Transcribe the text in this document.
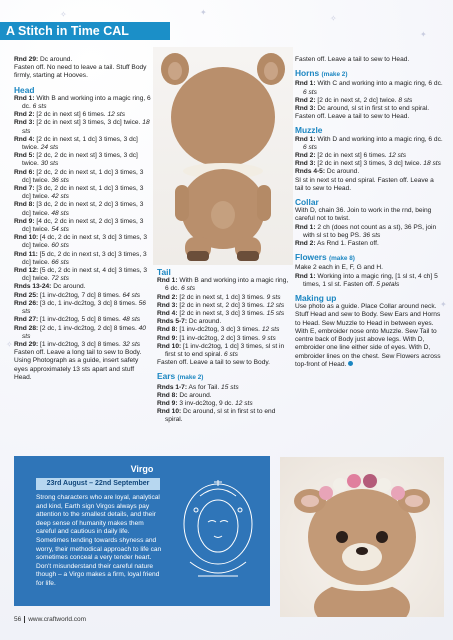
✦
✧
✦
✧
✦
✧
A Stitch in Time CAL

Rnd 29: Dc around.

Fasten off. No need to leave a tail. Stuff Body firmly, starting at Hooves.

Head

Rnd 1: With B and working into a magic ring, 6 dc. 6 sts

Rnd 2: [2 dc in next st] 6 times. 12 sts

Rnd 3: [2 dc in next st] 3 times, 3 dc] twice. 18 sts

Rnd 4: [2 dc in next st, 1 dc] 3 times, 3 dc] twice. 24 sts

Rnd 5: [2 dc, 2 dc in next st] 3 times, 3 dc] twice. 30 sts

Rnd 6: [2 dc, 2 dc in next st, 1 dc] 3 times, 3 dc] twice. 36 sts

Rnd 7: [3 dc, 2 dc in next st, 1 dc] 3 times, 3 dc] twice. 42 sts

Rnd 8: [3 dc, 2 dc in next st, 2 dc] 3 times, 3 dc] twice. 48 sts

Rnd 9: [4 dc, 2 dc in next st, 2 dc] 3 times, 3 dc] twice. 54 sts

Rnd 10: [4 dc, 2 dc in next st, 3 dc] 3 times, 3 dc] twice. 60 sts

Rnd 11: [5 dc, 2 dc in next st, 3 dc] 3 times, 3 dc] twice. 66 sts

Rnd 12: [5 dc, 2 dc in next st, 4 dc] 3 times, 3 dc] twice. 72 sts

Rnds 13-24: Dc around.

Rnd 25: [1 inv-dc2tog, 7 dc] 8 times. 64 sts

Rnd 26: [3 dc, 1 inv-dc2tog, 3 dc] 8 times. 56 sts

Rnd 27: [1 inv-dc2tog, 5 dc] 8 times. 48 sts

Rnd 28: [2 dc, 1 inv-dc2tog, 2 dc] 8 times. 40 sts

Rnd 29: [1 inv-dc2tog, 3 dc] 8 times. 32 sts

Fasten off. Leave a long tail to sew to Body. Using Photograph as a guide, insert safety eyes approximately 13 sts apart and stuff Head.

Tail

Rnd 1: With B and working into a magic ring, 6 dc. 6 sts

Rnd 2: [2 dc in next st, 1 dc] 3 times. 9 sts

Rnd 3: [2 dc in next st, 2 dc] 3 times. 12 sts

Rnd 4: [2 dc in next st, 3 dc] 3 times. 15 sts

Rnds 5-7: Dc around.

Rnd 8: [1 inv-dc2tog, 3 dc] 3 times. 12 sts

Rnd 9: [1 inv-dc2tog, 2 dc] 3 times. 9 sts

Rnd 10: [1 inv-dc2tog, 1 dc] 3 times, sl st in first st to end spiral. 6 sts

Fasten off. Leave a tail to sew to Body.

Ears (make 2)

Rnds 1-7: As for Tail. 15 sts

Rnd 8: Dc around.

Rnd 9: 3 inv-dc2tog, 9 dc. 12 sts

Rnd 10: Dc around, sl st in first st to end spiral.

Fasten off. Leave a tail to sew to Head.

Horns (make 2)

Rnd 1: With C and working into a magic ring, 6 dc. 6 sts

Rnd 2: [2 dc in next st, 2 dc] twice. 8 sts

Rnd 3: Dc around, sl st in first st to end spiral.

Fasten off. Leave a tail to sew to Head.

Muzzle

Rnd 1: With D and working into a magic ring, 6 dc. 6 sts

Rnd 2: [2 dc in next st] 6 times. 12 sts

Rnd 3: [2 dc in next st] 3 times, 3 dc] twice. 18 sts

Rnds 4-5: Dc around.

Sl st in next st to end spiral. Fasten off. Leave a tail to sew to Head.

Collar

With D, chain 36. Join to work in the rnd, being careful not to twist.

Rnd 1: 2 ch (does not count as a st), 36 PS, join with sl st to beg PS. 36 sts

Rnd 2: As Rnd 1. Fasten off.

Flowers (make 8)

Make 2 each in E, F, G and H.

Rnd 1: Working into a magic ring, [1 sl st, 4 ch] 5 times, 1 sl st. Fasten off. 5 petals

Making up

Use photo as a guide. Place Collar around neck. Stuff Head and sew to Body. Sew Ears and Horns to Head. Sew Muzzle to Head in between eyes. With E, embroider nose onto Muzzle. Sew Tail to centre back of Body just above legs. With D, embroider one line either side of eyes. With D, embroider lines on the chest. Sew Flowers across top-front of Head.

Virgo
23rd August – 22nd September
Strong characters who are loyal, analytical and kind, Earth sign Virgos always pay attention to the smallest details, and their deep sense of humanity makes them careful and cautious in daily life. Sometimes tending towards shyness and worry, their methodical approach to life can sometimes conceal a very tender heart. Don't misunderstand their careful nature though – a Virgo makes a firm, loyal friend for life.
56 www.craftworld.com
